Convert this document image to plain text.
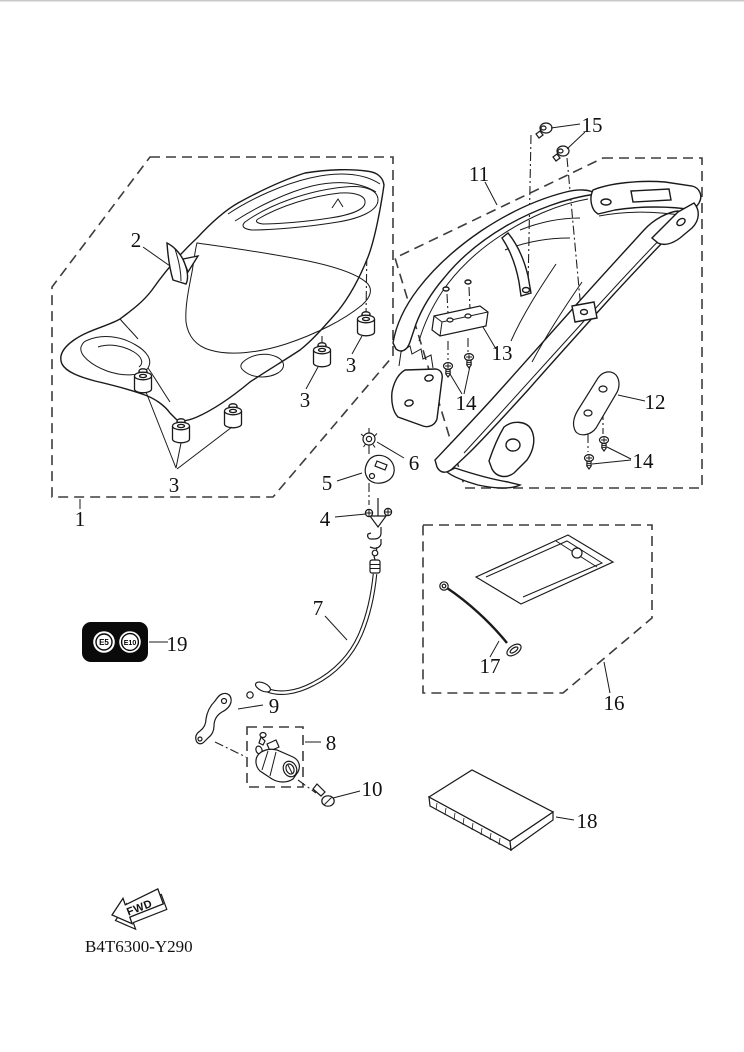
E5 E10
FWD
1
2
3
3
3
4
5
6
7
8
9
10
11
12
13
14
14
15
16
17
18
19
B4T6300-Y290
